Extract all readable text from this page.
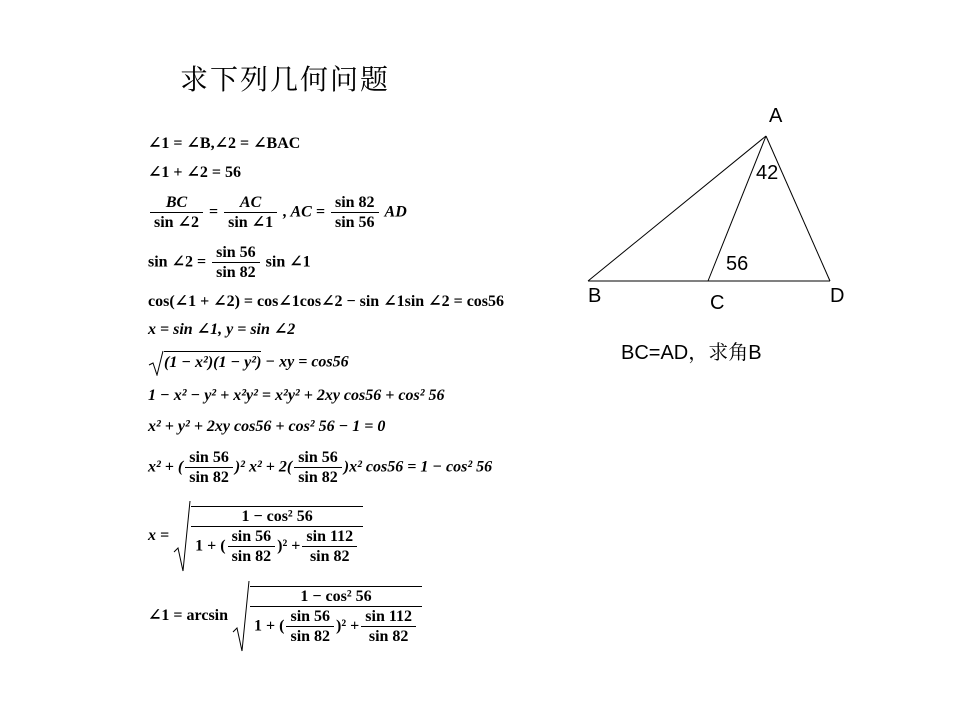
求下列几何问题
∠1 = ∠B,∠2 = ∠BAC
∠1 + ∠2 = 56
$\frac{BC}{\sin \angle 2} = \frac{AC}{\sin \angle 1}$ , AC = $\frac{\sin 82}{\sin 56}$ AD
sin ∠2 = $\frac{\sin 56}{\sin 82}$ sin ∠1
cos(∠1 + ∠2) = cos∠1cos∠2 − sin ∠1sin ∠2 = cos56
x = sin ∠1, y = sin ∠2
(1 − x²)(1 − y²) − xy = cos56
1 − x² − y² + x²y² = x²y² + 2xy cos56 + cos² 56
x² + y² + 2xy cos56 + cos² 56 − 1 = 0
x² + ( $\frac{\sin 56}{\sin 82} )^2$ $x^2 + 2( \frac{\sin 56}{\sin 82} )x^2$ cos56 = 1 − cos² 56
$x = \frac{\text{1 − cos² 56}}{1 + ( \frac{\sin 56}{\sin 82} )^2 + \frac{\sin 112}{\sin 82}}$
∠1 = $\arcsin \frac{\text{1 − cos² 56}}{1 + ( \frac{\sin 56}{\sin 82} )^2 + \frac{\sin 112}{\sin 82}}$
A
42
56
B	C	D
BC=AD，求角B
